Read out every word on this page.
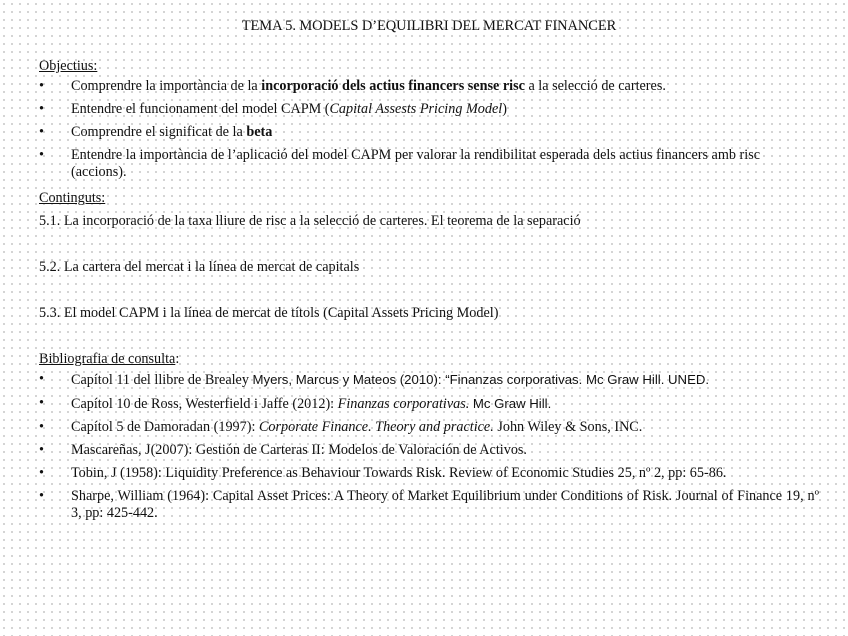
TEMA 5. MODELS D’EQUILIBRI DEL MERCAT FINANCER

Objectius:

• Comprendre la importància de la incorporació dels actius financers sense risc a la selecció de carteres.
• Entendre el funcionament del model CAPM (Capital Assests Pricing Model)
• Comprendre el significat de la beta
• Entendre la importància de l’aplicació del model CAPM per valorar la rendibilitat esperada dels actius financers amb risc (accions).

Continguts:

5.1. La incorporació de la taxa lliure de risc a la selecció de carteres. El teorema de la separació

5.2. La cartera del mercat i la línea de mercat de capitals

5.3. El model CAPM i la línea de mercat de títols (Capital Assets Pricing Model)

Bibliografia de consulta:

• Capítol 11 del llibre de Brealey Myers, Marcus y Mateos (2010): “Finanzas corporativas. Mc Graw Hill. UNED.
• Capítol 10 de Ross, Westerfield i Jaffe (2012): Finanzas corporativas. Mc Graw Hill.
• Capítol 5 de Damoradan (1997): Corporate Finance. Theory and practice. John Wiley & Sons, INC.
• Mascareñas, J(2007): Gestión de Carteras II: Modelos de Valoración de Activos.
• Tobin, J (1958): Liquidity Preference as Behaviour Towards Risk. Review of Economic Studies 25, nº 2, pp: 65-86.
• Sharpe, William (1964): Capital Asset Prices: A Theory of Market Equilibrium under Conditions of Risk. Journal of Finance 19, nº 3, pp: 425-442.
